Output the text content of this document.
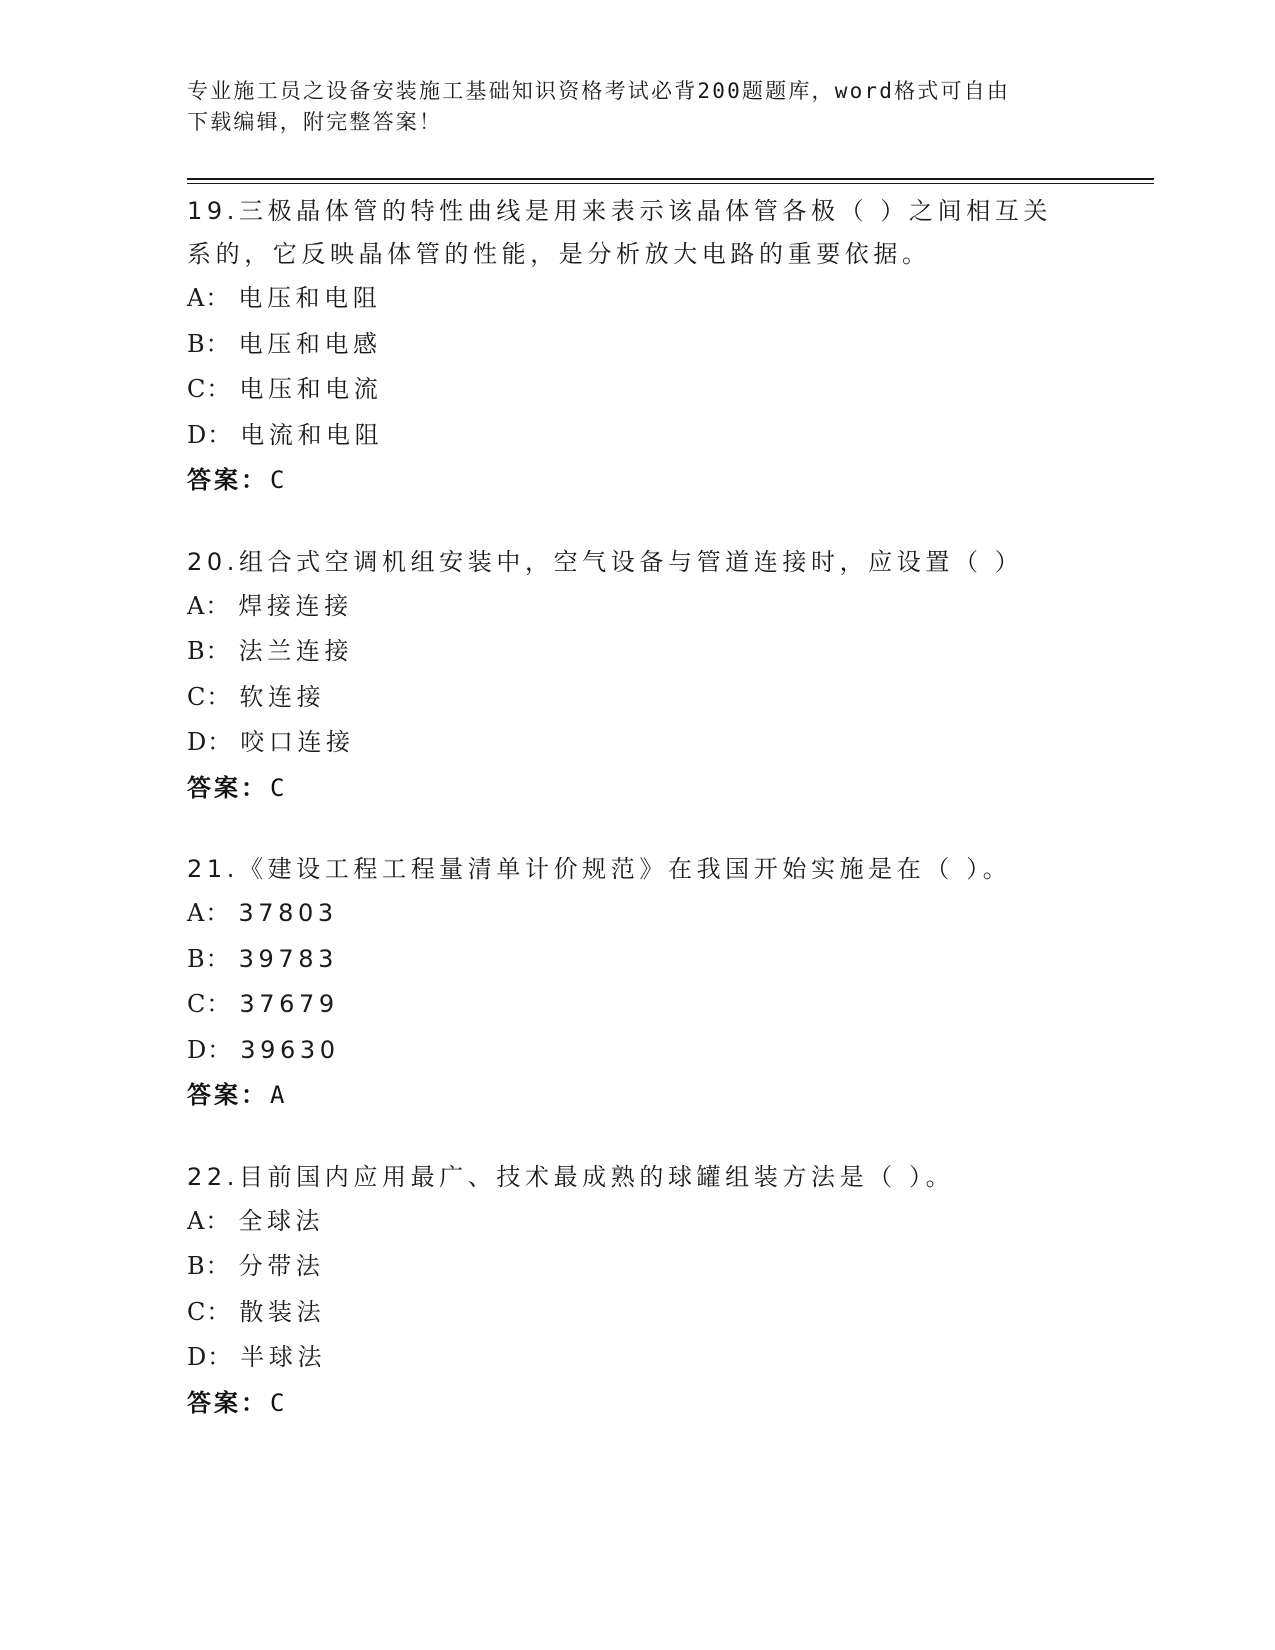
专业施工员之设备安装施工基础知识资格考试必背200题题库，word格式可自由
下载编辑，附完整答案！

19.三极晶体管的特性曲线是用来表示该晶体管各极（ ）之间相互关

系的，它反映晶体管的性能，是分析放大电路的重要依据。

A： 电压和电阻
B： 电压和电感
C： 电压和电流
D： 电流和电阻
答案：C

20.组合式空调机组安装中，空气设备与管道连接时，应设置（ ）

A： 焊接连接
B： 法兰连接
C： 软连接
D： 咬口连接
答案：C

21.《建设工程工程量清单计价规范》在我国开始实施是在（ ）。

A： 37803
B： 39783
C： 37679
D： 39630
答案：A

22.目前国内应用最广、技术最成熟的球罐组装方法是（ ）。

A： 全球法
B： 分带法
C： 散装法
D： 半球法
答案：C
